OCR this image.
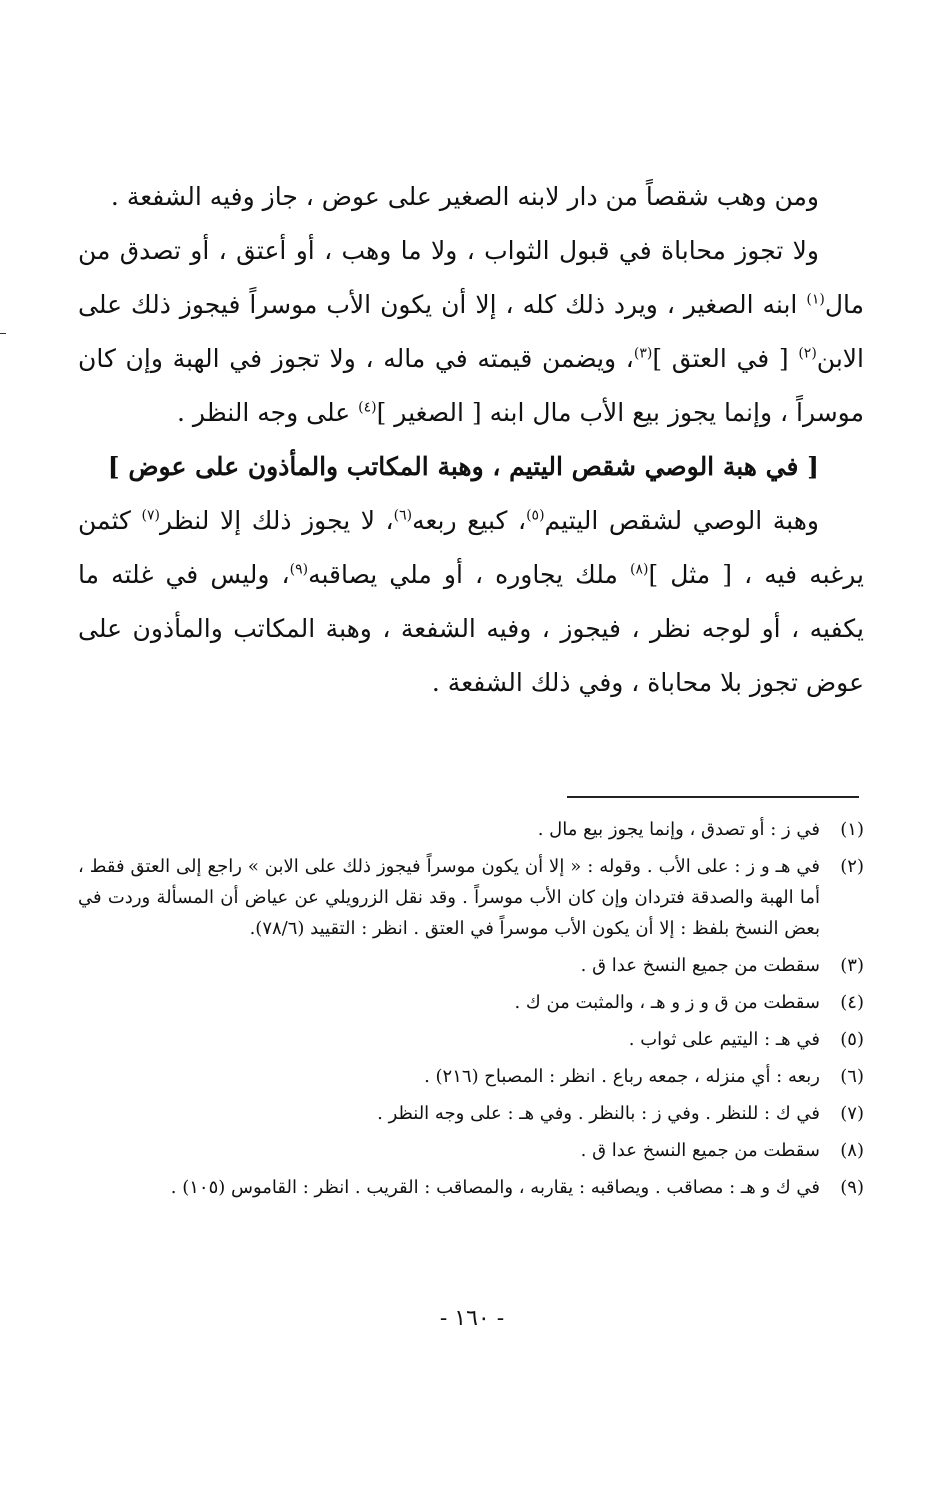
ومن وهب شقصاً من دار لابنه الصغير على عوض ، جاز وفيه الشفعة .

ولا تجوز محاباة في قبول الثواب ، ولا ما وهب ، أو أعتق ، أو تصدق من مال$^{(١)}$ ابنه الصغير ، ويرد ذلك كله ، إلا أن يكون الأب موسراً فيجوز ذلك على الابن$^{(٢)}$ [ في العتق ]$^{(٣)}$، ويضمن قيمته في ماله ، ولا تجوز في الهبة وإن كان موسراً ، وإنما يجوز بيع الأب مال ابنه [ الصغير ]$^{(٤)}$ على وجه النظر .

[ في هبة الوصي شقص اليتيم ، وهبة المكاتب والمأذون على عوض ]

وهبة الوصي لشقص اليتيم$^{(٥)}$، كبيع ربعه$^{(٦)}$، لا يجوز ذلك إلا لنظر$^{(٧)}$ كثمن يرغبه فيه ، [ مثل ]$^{(٨)}$ ملك يجاوره ، أو ملي يصاقبه$^{(٩)}$، وليس في غلته ما يكفيه ، أو لوجه نظر ، فيجوز ، وفيه الشفعة ، وهبة المكاتب والمأذون على عوض تجوز بلا محاباة ، وفي ذلك الشفعة .

(١)
في ز : أو تصدق ، وإنما يجوز بيع مال .
(٢)
في هـ و ز : على الأب . وقوله : « إلا أن يكون موسراً فيجوز ذلك على الابن » راجع إلى العتق فقط ، أما الهبة والصدقة فتردان وإن كان الأب موسراً . وقد نقل الزرويلي عن عياض أن المسألة وردت في بعض النسخ بلفظ : إلا أن يكون الأب موسراً في العتق . انظر : التقييد (٧٨/٦).
(٣)
سقطت من جميع النسخ عدا ق .
(٤)
سقطت من ق و ز و هـ ، والمثبت من ك .
(٥)
في هـ : اليتيم على ثواب .
(٦)
ربعه : أي منزله ، جمعه رباع . انظر : المصباح (٢١٦) .
(٧)
في ك : للنظر . وفي ز : بالنظر . وفي هـ : على وجه النظر .
(٨)
سقطت من جميع النسخ عدا ق .
(٩)
في ك و هـ : مصاقب . ويصاقبه : يقاربه ، والمصاقب : القريب . انظر : القاموس (١٠٥) .
- ١٦٠ -
